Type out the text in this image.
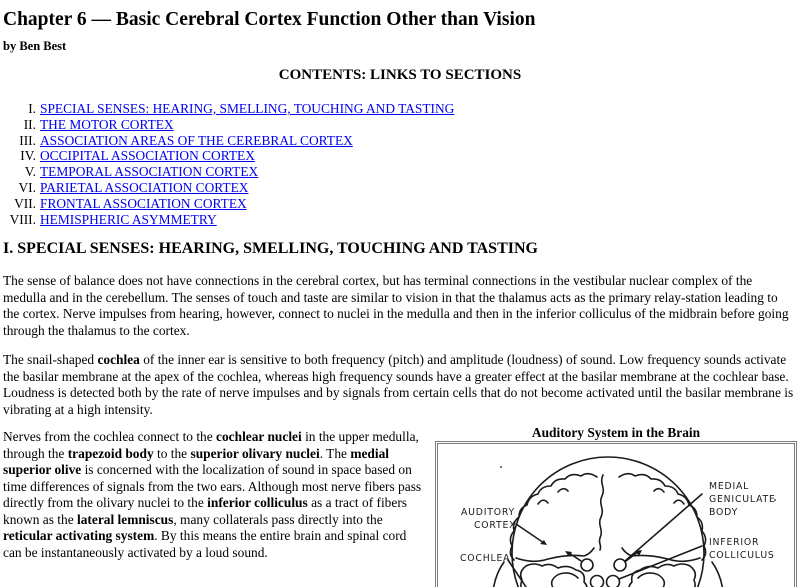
Chapter 6 — Basic Cerebral Cortex Function Other than Vision

by Ben Best

CONTENTS: LINKS TO SECTIONS
I. SPECIAL SENSES: HEARING, SMELLING, TOUCHING AND TASTING
II. THE MOTOR CORTEX
III. ASSOCIATION AREAS OF THE CEREBRAL CORTEX
IV. OCCIPITAL ASSOCIATION CORTEX
V. TEMPORAL ASSOCIATION CORTEX
VI. PARIETAL ASSOCIATION CORTEX
VII. FRONTAL ASSOCIATION CORTEX
VIII. HEMISPHERIC ASYMMETRY
I. SPECIAL SENSES: HEARING, SMELLING, TOUCHING AND TASTING

The sense of balance does not have connections in the cerebral cortex, but has terminal connections in the vestibular nuclear complex of the medulla and in the cerebellum. The senses of touch and taste are similar to vision in that the thalamus acts as the primary relay-station leading to the cortex. Nerve impulses from hearing, however, connect to nuclei in the medulla and then in the inferior colliculus of the midbrain before going through the thalamus to the cortex.

The snail-shaped cochlea of the inner ear is sensitive to both frequency (pitch) and amplitude (loudness) of sound. Low frequency sounds activate the basilar membrane at the apex of the cochlea, whereas high frequency sounds have a greater effect at the basilar membrane at the cochlear base. Loudness is detected both by the rate of nerve impulses and by signals from certain cells that do not become activated until the basilar membrane is vibrating at a high intensity.

Auditory System in the Brain
AUDITORY
CORTEX
COCHLEA
MEDIAL
GENICULATE
BODY
INFERIOR
COLLICULUS

Nerves from the cochlea connect to the cochlear nuclei in the upper medulla, through the trapezoid body to the superior olivary nuclei. The medial superior olive is concerned with the localization of sound in space based on time differences of signals from the two ears. Although most nerve fibers pass directly from the olivary nuclei to the inferior colliculus as a tract of fibers known as the lateral lemniscus, many collaterals pass directly into the reticular activating system. By this means the entire brain and spinal cord can be instantaneously activated by a loud sound.
